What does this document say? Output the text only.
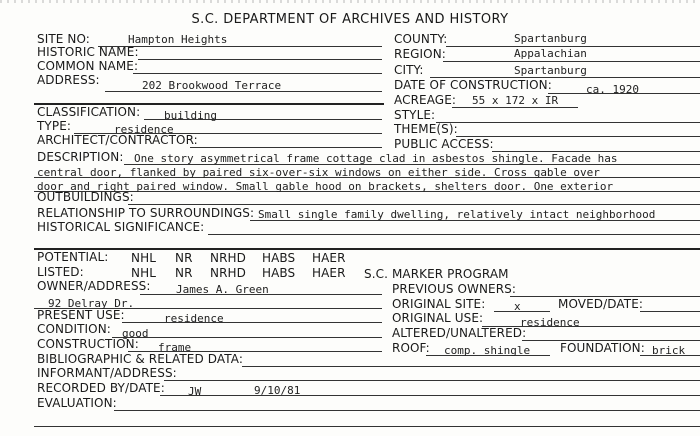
S.C. DEPARTMENT OF ARCHIVES AND HISTORY
SITE NO:	Hampton Heights
HISTORIC NAME:
COMMON NAME:
ADDRESS:	202 Brookwood Terrace
COUNTY:	Spartanburg
REGION:	Appalachian
CITY:	Spartanburg
DATE OF CONSTRUCTION:	ca. 1920
ACREAGE: 55 x 172 x IR
CLASSIFICATION: building
TYPE:	residence
ARCHITECT/CONTRACTOR:
STYLE:
THEME(S):
PUBLIC ACCESS:
DESCRIPTION: One story asymmetrical frame cottage clad in asbestos shingle. Facade has
central door, flanked by paired six-over-six windows on either side. Cross gable over
door and right paired window. Small gable hood on brackets, shelters door. One exterior
OUTBUILDINGS:
RELATIONSHIP TO SURROUNDINGS: Small single family dwelling, relatively intact neighborhood
HISTORICAL SIGNIFICANCE:
POTENTIAL: NHL NR NRHD HABS HAER
LISTED:	NHL NR NRHD HABS HAER S.C. MARKER PROGRAM
OWNER/ADDRESS: James A. Green
92 Delray Dr.
PRESENT USE:	residence
CONDITION: good
CONSTRUCTION: frame
PREVIOUS OWNERS:
ORIGINAL SITE:	x	MOVED/DATE:
ORIGINAL USE:	residence
ALTERED/UNALTERED:
ROOF: comp. shingle FOUNDATION: brick
BIBLIOGRAPHIC & RELATED DATA:
INFORMANT/ADDRESS:
RECORDED BY/DATE: JW	9/10/81
EVALUATION:
